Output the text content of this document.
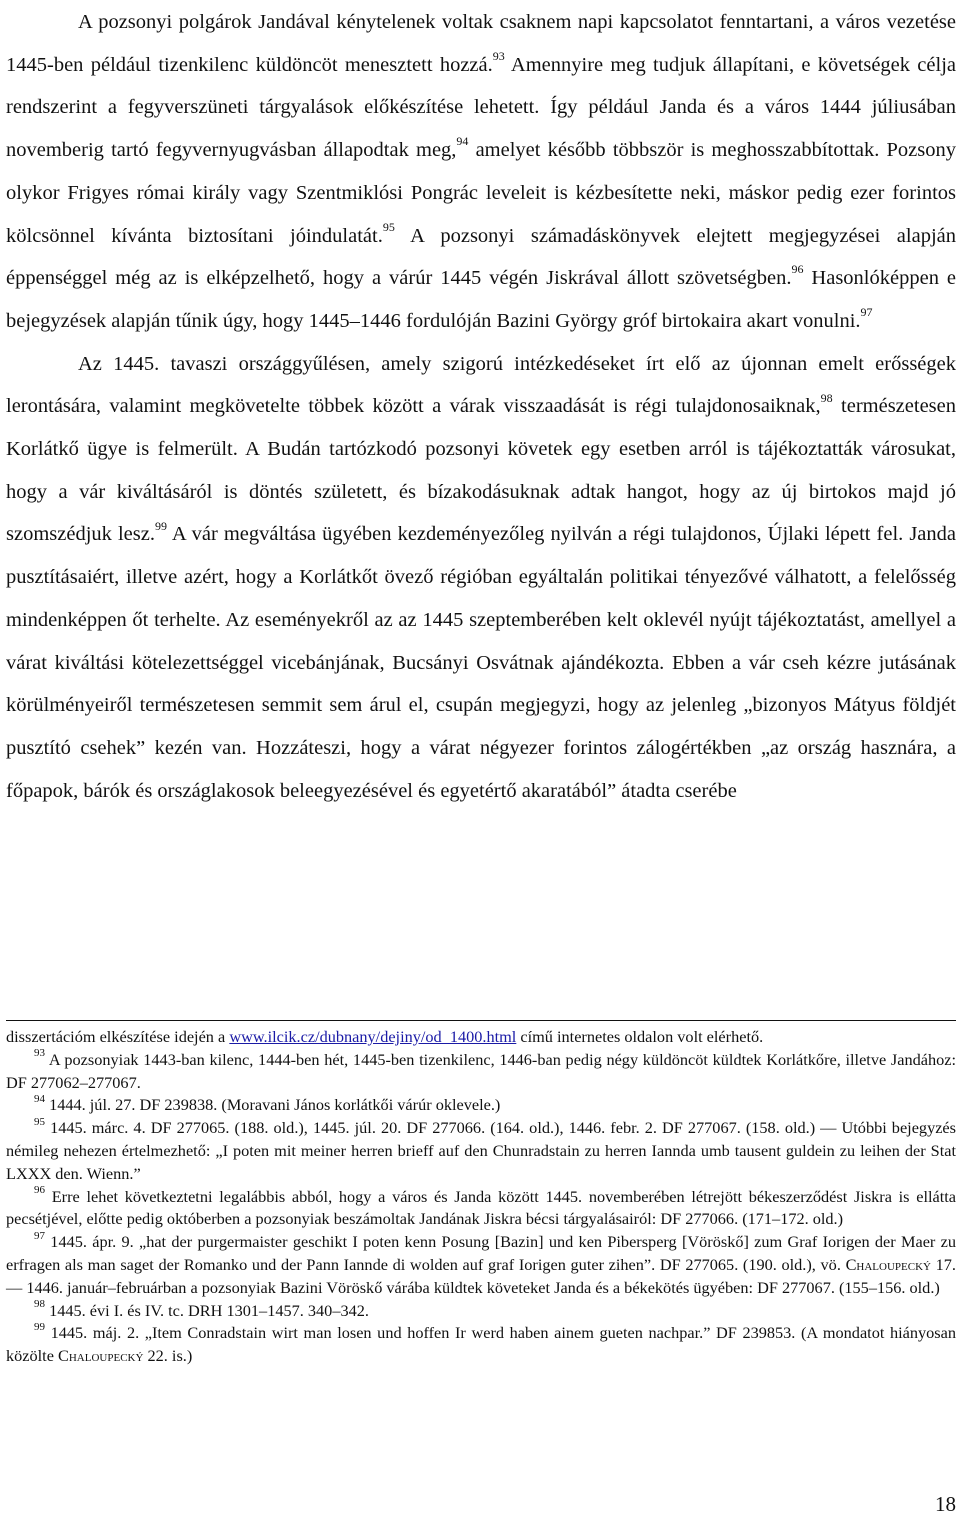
A pozsonyi polgárok Jandával kénytelenek voltak csaknem napi kapcsolatot fenntartani, a város vezetése 1445-ben például tizenkilenc küldöncöt menesztett hozzá.$^{93}$ Amennyire meg tudjuk állapítani, e követségek célja rendszerint a fegyverszüneti tárgyalások előkészítése lehetett. Így például Janda és a város 1444 júliusában novemberig tartó fegyvernyugvásban állapodtak meg,$^{94}$ amelyet később többször is meghosszabbítottak. Pozsony olykor Frigyes római király vagy Szentmiklósi Pongrác leveleit is kézbesítette neki, máskor pedig ezer forintos kölcsönnel kívánta biztosítani jóindulatát.$^{95}$ A pozsonyi számadáskönyvek elejtett megjegyzései alapján éppenséggel még az is elképzelhető, hogy a várúr 1445 végén Jiskrával állott szövetségben.$^{96}$ Hasonlóképpen e bejegyzések alapján tűnik úgy, hogy 1445–1446 fordulóján Bazini György gróf birtokaira akart vonulni.$^{97}$

Az 1445. tavaszi országgyűlésen, amely szigorú intézkedéseket írt elő az újonnan emelt erősségek lerontására, valamint megkövetelte többek között a várak visszaadását is régi tulajdonosaiknak,$^{98}$ természetesen Korlátkő ügye is felmerült. A Budán tartózkodó pozsonyi követek egy esetben arról is tájékoztatták városukat, hogy a vár kiváltásáról is döntés született, és bízakodásuknak adtak hangot, hogy az új birtokos majd jó szomszédjuk lesz.$^{99}$ A vár megváltása ügyében kezdeményezőleg nyilván a régi tulajdonos, Újlaki lépett fel. Janda pusztításaiért, illetve azért, hogy a Korlátkőt övező régióban egyáltalán politikai tényezővé válhatott, a felelősség mindenképpen őt terhelte. Az eseményekről az az 1445 szeptemberében kelt oklevél nyújt tájékoztatást, amellyel a várat kiváltási kötelezettséggel vicebánjának, Bucsányi Osvátnak ajándékozta. Ebben a vár cseh kézre jutásának körülményeiről természetesen semmit sem árul el, csupán megjegyzi, hogy az jelenleg „bizonyos Mátyus földjét pusztító csehek” kezén van. Hozzáteszi, hogy a várat négyezer forintos zálogértékben „az ország hasznára, a főpapok, bárók és országlakosok beleegyezésével és egyetértő akaratából” átadta cserébe

disszertációm elkészítése idején a www.ilcik.cz/dubnany/dejiny/od_1400.html című internetes oldalon volt elérhető.

$^{93}$ A pozsonyiak 1443-ban kilenc, 1444-ben hét, 1445-ben tizenkilenc, 1446-ban pedig négy küldöncöt küldtek Korlátkőre, illetve Jandához: DF 277062–277067.

$^{94}$ 1444. júl. 27. DF 239838. (Moravani János korlátkői várúr oklevele.)

$^{95}$ 1445. márc. 4. DF 277065. (188. old.), 1445. júl. 20. DF 277066. (164. old.), 1446. febr. 2. DF 277067. (158. old.) — Utóbbi bejegyzés némileg nehezen értelmezhető: „I poten mit meiner herren brieff auf den Chunradstain zu herren Iannda umb tausent guldein zu leihen der Stat LXXX den. Wienn.”

$^{96}$ Erre lehet következtetni legalábbis abból, hogy a város és Janda között 1445. novemberében létrejött békeszerződést Jiskra is ellátta pecsétjével, előtte pedig októberben a pozsonyiak beszámoltak Jandának Jiskra bécsi tárgyalásairól: DF 277066. (171–172. old.)

$^{97}$ 1445. ápr. 9. „hat der purgermaister geschikt I poten kenn Posung [Bazin] und ken Pibersperg [Vöröskő] zum Graf Iorigen der Maer zu erfragen als man saget der Romanko und der Pann Iannde di wolden auf graf Iorigen guter zihen”. DF 277065. (190. old.), vö. Chaloupecký 17. — 1446. január–februárban a pozsonyiak Bazini Vöröskő várába küldtek követeket Janda és a békekötés ügyében: DF 277067. (155–156. old.)

$^{98}$ 1445. évi I. és IV. tc. DRH 1301–1457. 340–342.

$^{99}$ 1445. máj. 2. „Item Conradstain wirt man losen und hoffen Ir werd haben ainem gueten nachpar.” DF 239853. (A mondatot hiányosan közölte Chaloupecký 22. is.)

18
